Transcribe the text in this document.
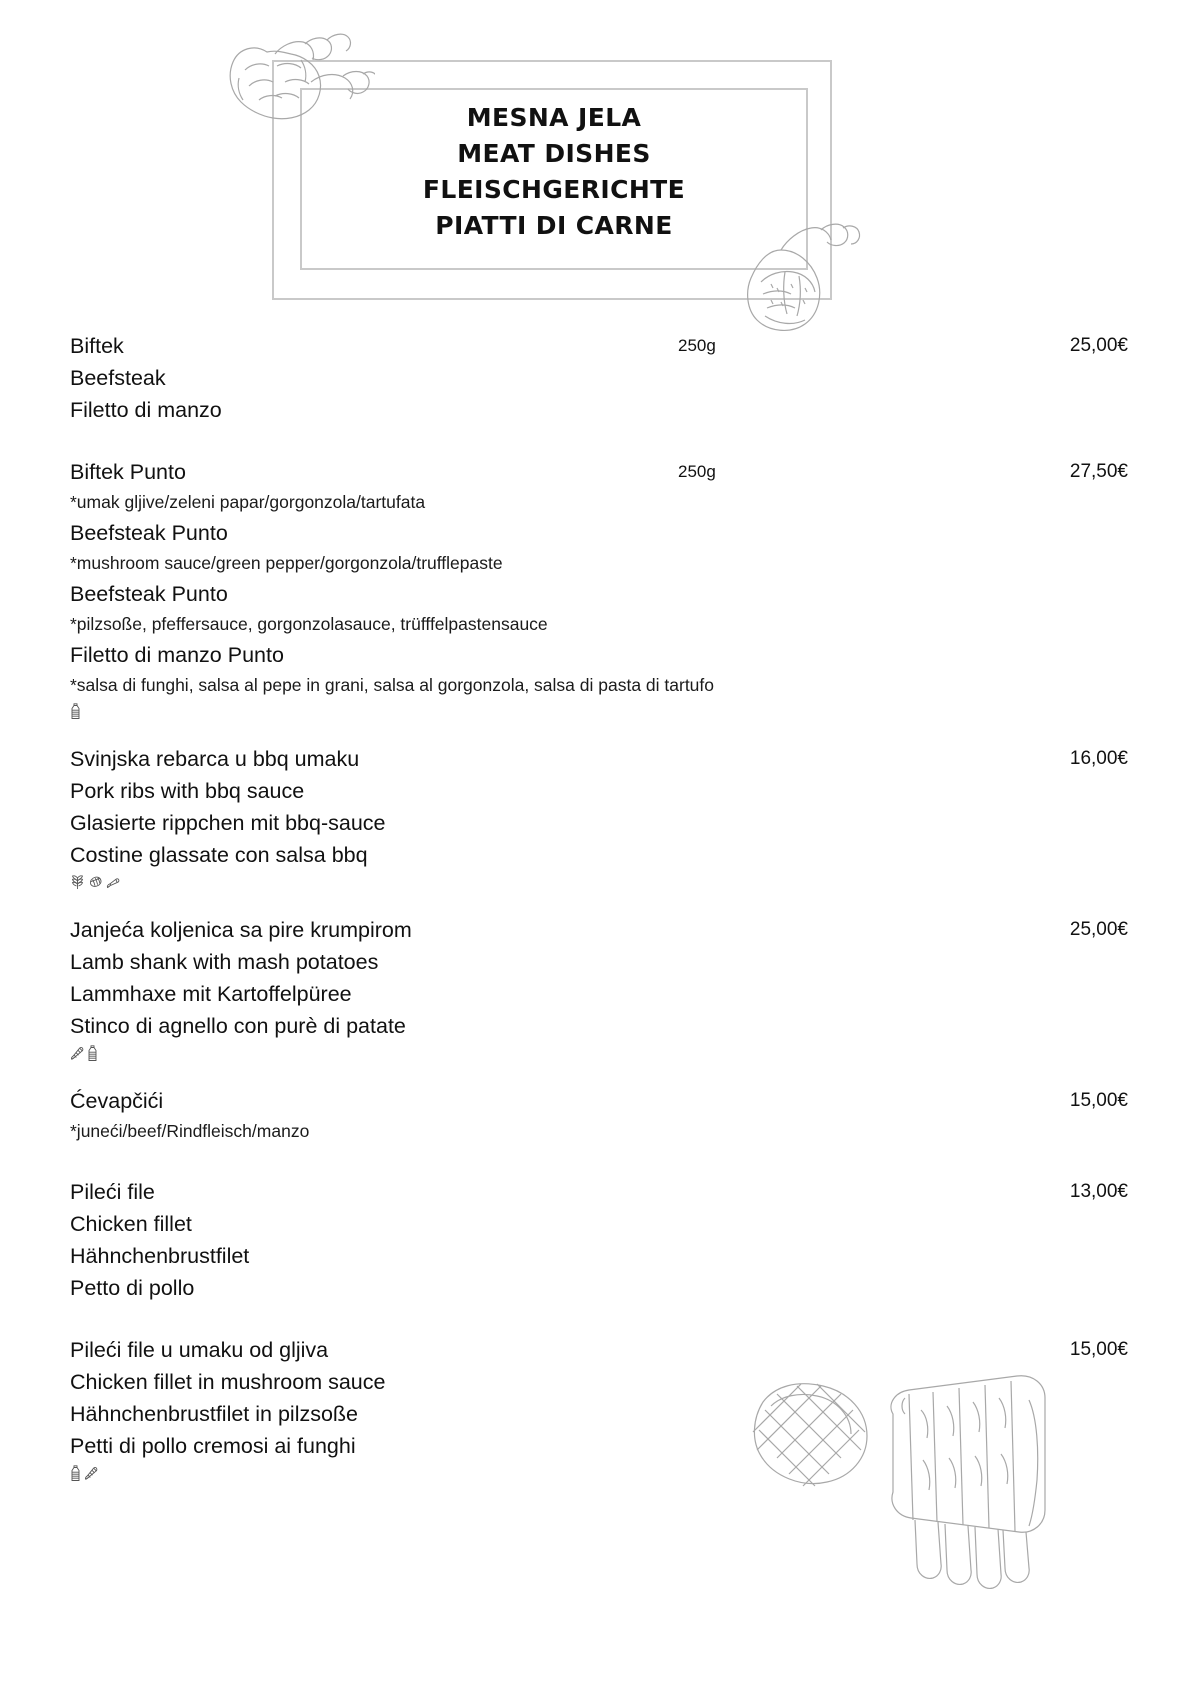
MESNA JELA
MEAT DISHES
FLEISCHGERICHTE
PIATTI DI CARNE
Biftek	250g	25,00€
Beefsteak
Filetto di manzo
Biftek Punto	250g	27,50€
*umak gljive/zeleni papar/gorgonzola/tartufata
Beefsteak Punto
*mushroom sauce/green pepper/gorgonzola/trufflepaste
Beefsteak Punto
*pilzsoße, pfeffersauce, gorgonzolasauce, trüfffelpastensauce
Filetto di manzo Punto
*salsa di funghi, salsa al pepe in grani, salsa al gorgonzola, salsa di pasta di tartufo
Svinjska rebarca u bbq umaku	16,00€
Pork ribs with bbq sauce
Glasierte rippchen mit bbq-sauce
Costine glassate con salsa bbq
Janjeća koljenica sa pire krumpirom	25,00€
Lamb shank with mash potatoes
Lammhaxe mit Kartoffelpüree
Stinco di agnello con purè di patate
Ćevapčići	15,00€
*juneći/beef/Rindfleisch/manzo
Pileći file	13,00€
Chicken fillet
Hähnchenbrustfilet
Petto di pollo
Pileći file u umaku od gljiva	15,00€
Chicken fillet in mushroom sauce
Hähnchenbrustfilet in pilzsoße
Petti di pollo cremosi ai funghi
